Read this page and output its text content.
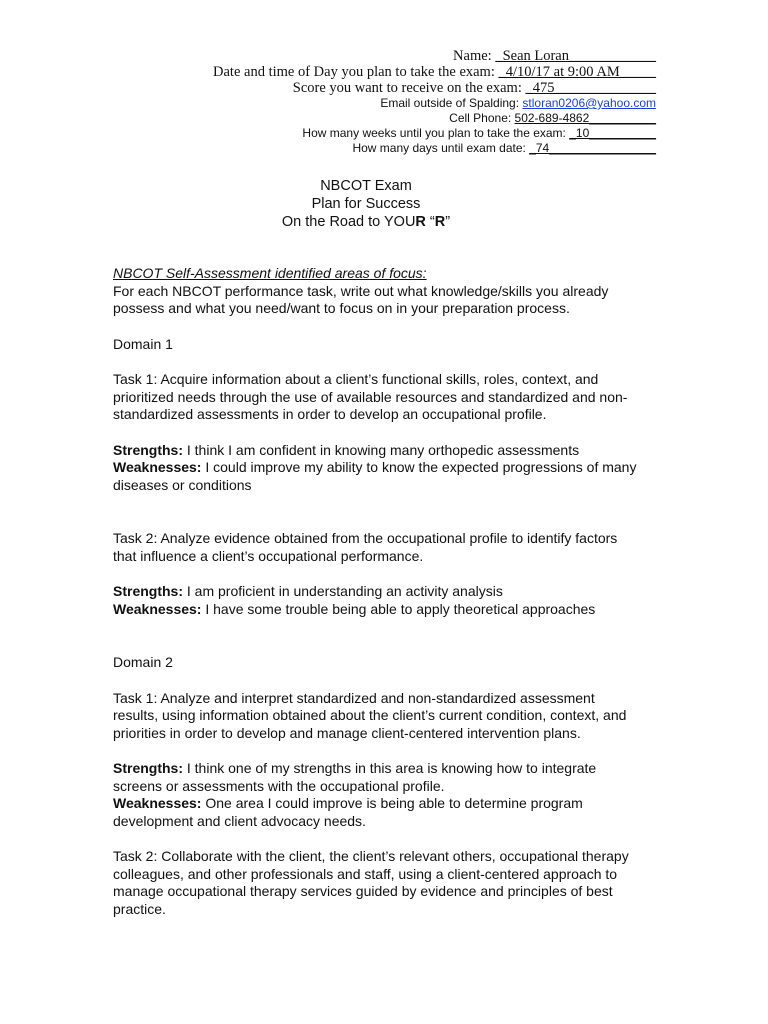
Name: _Sean Loran____________
Date and time of Day you plan to take the exam: _4/10/17 at 9:00 AM_____
Score you want to receive on the exam: _475______________
Email outside of Spalding: stloran0206@yahoo.com
Cell Phone: 502-689-4862__________
How many weeks until you plan to take the exam: _10__________
How many days until exam date: _74________________
NBCOT Exam
Plan for Success
On the Road to YOUR “R”

NBCOT Self-Assessment identified areas of focus:

For each NBCOT performance task, write out what knowledge/skills you already possess and what you need/want to focus on in your preparation process.

Domain 1

Task 1: Acquire information about a client’s functional skills, roles, context, and prioritized needs through the use of available resources and standardized and non-standardized assessments in order to develop an occupational profile.

Strengths: I think I am confident in knowing many orthopedic assessments

Weaknesses: I could improve my ability to know the expected progressions of many diseases or conditions

Task 2: Analyze evidence obtained from the occupational profile to identify factors that influence a client’s occupational performance.

Strengths: I am proficient in understanding an activity analysis

Weaknesses: I have some trouble being able to apply theoretical approaches

Domain 2

Task 1: Analyze and interpret standardized and non-standardized assessment results, using information obtained about the client’s current condition, context, and priorities in order to develop and manage client-centered intervention plans.

Strengths: I think one of my strengths in this area is knowing how to integrate screens or assessments with the occupational profile.

Weaknesses: One area I could improve is being able to determine program development and client advocacy needs.

Task 2: Collaborate with the client, the client’s relevant others, occupational therapy colleagues, and other professionals and staff, using a client-centered approach to manage occupational therapy services guided by evidence and principles of best practice.
